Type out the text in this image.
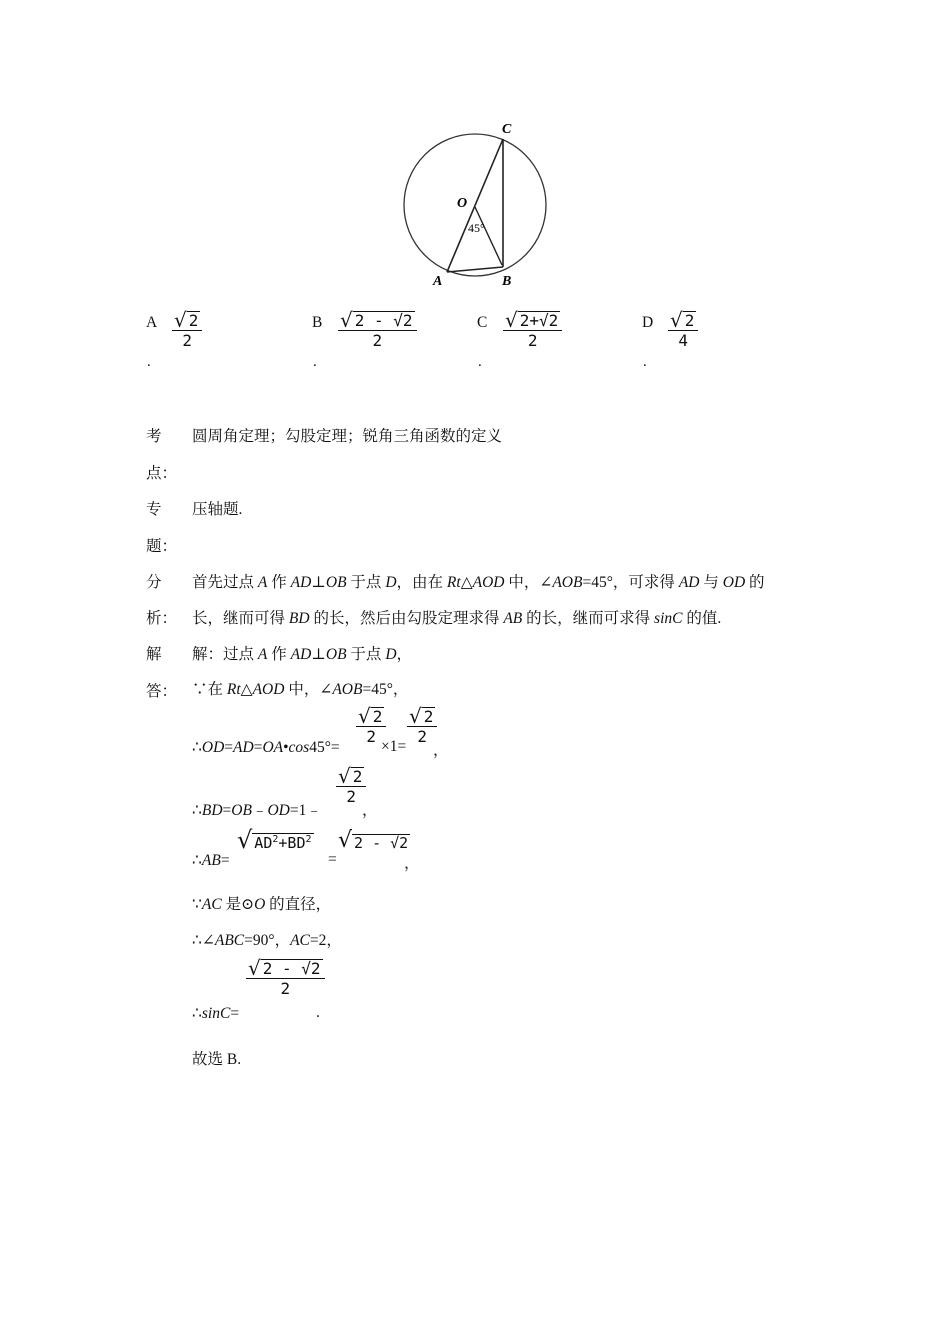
C
O
45°
A	B
A $\frac{√ 2}{2}$
.
B $\frac{√ 2 - √2}{2}$
.
C $\frac{√ 2+√2}{2}$
.
D $\frac{√ 2}{4}$
.
考
点：
圆周角定理；勾股定理；锐角三角函数的定义
专
题：
压轴题.
分
析：
首先过点 A 作 AD⊥OB 于点 D，由在 Rt△AOD 中，∠AOB=45°，可求得 AD 与 OD 的
长，继而可得 BD 的长，然后由勾股定理求得 AB 的长，继而可求得 sinC 的值.
解
答：
解：过点 A 作 AD⊥OB 于点 D，
∵在 Rt△AOD 中，∠AOB=45°，
∴OD=AD=OA•cos45°=
$\frac{√ 2}{2}$
×1=
$\frac{√ 2}{2}$
，
∴BD=OB﹣OD=1﹣
$\frac{√ 2}{2}$
，
∴AB=
√ $AD^2+BD^2$
=
√ 2 - √2
，
∵AC 是⊙O 的直径，
∴∠ABC=90°，AC=2，
∴sinC=
$\frac{√ 2 - √2}{2}$
.
故选 B.
